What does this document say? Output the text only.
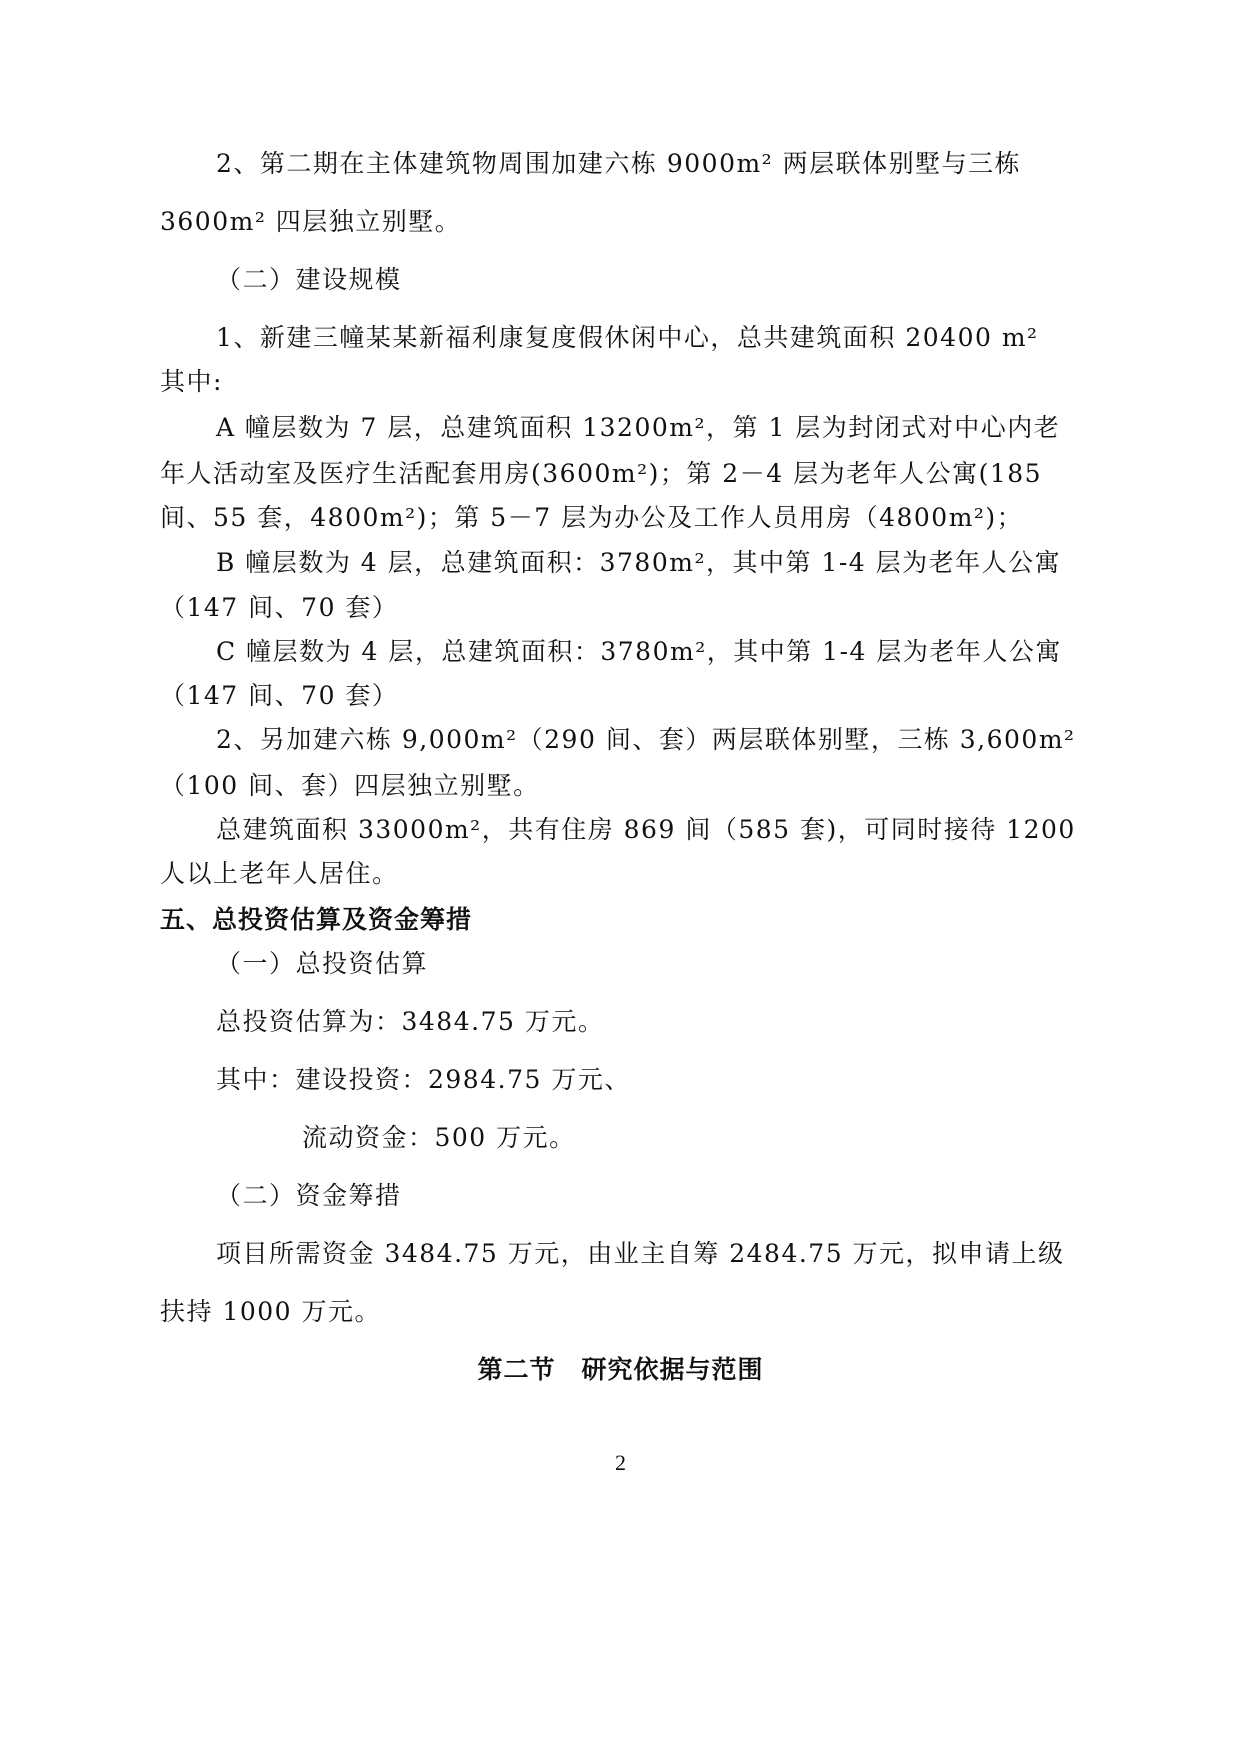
2、第二期在主体建筑物周围加建六栋 9000m² 两层联体别墅与三栋
3600m² 四层独立别墅。
（二）建设规模
1、新建三幢某某新福利康复度假休闲中心，总共建筑面积 20400 m²
其中:
A 幢层数为 7 层，总建筑面积 13200m²，第 1 层为封闭式对中心内老
年人活动室及医疗生活配套用房(3600m²)；第 2－4 层为老年人公寓(185
间、55 套，4800m²)；第 5－7 层为办公及工作人员用房（4800m²)；
B 幢层数为 4 层，总建筑面积：3780m²，其中第 1-4 层为老年人公寓
（147 间、70 套）
C 幢层数为 4 层，总建筑面积：3780m²，其中第 1-4 层为老年人公寓
（147 间、70 套）
2、另加建六栋 9,000m²（290 间、套）两层联体别墅，三栋 3,600m²
（100 间、套）四层独立别墅。
总建筑面积 33000m²，共有住房 869 间（585 套)，可同时接待 1200
人以上老年人居住。
五、总投资估算及资金筹措
（一）总投资估算
总投资估算为：3484.75 万元。
其中：建设投资：2984.75 万元、
流动资金：500 万元。
（二）资金筹措
项目所需资金 3484.75 万元，由业主自筹 2484.75 万元，拟申请上级
扶持 1000 万元。
第二节　研究依据与范围
2
